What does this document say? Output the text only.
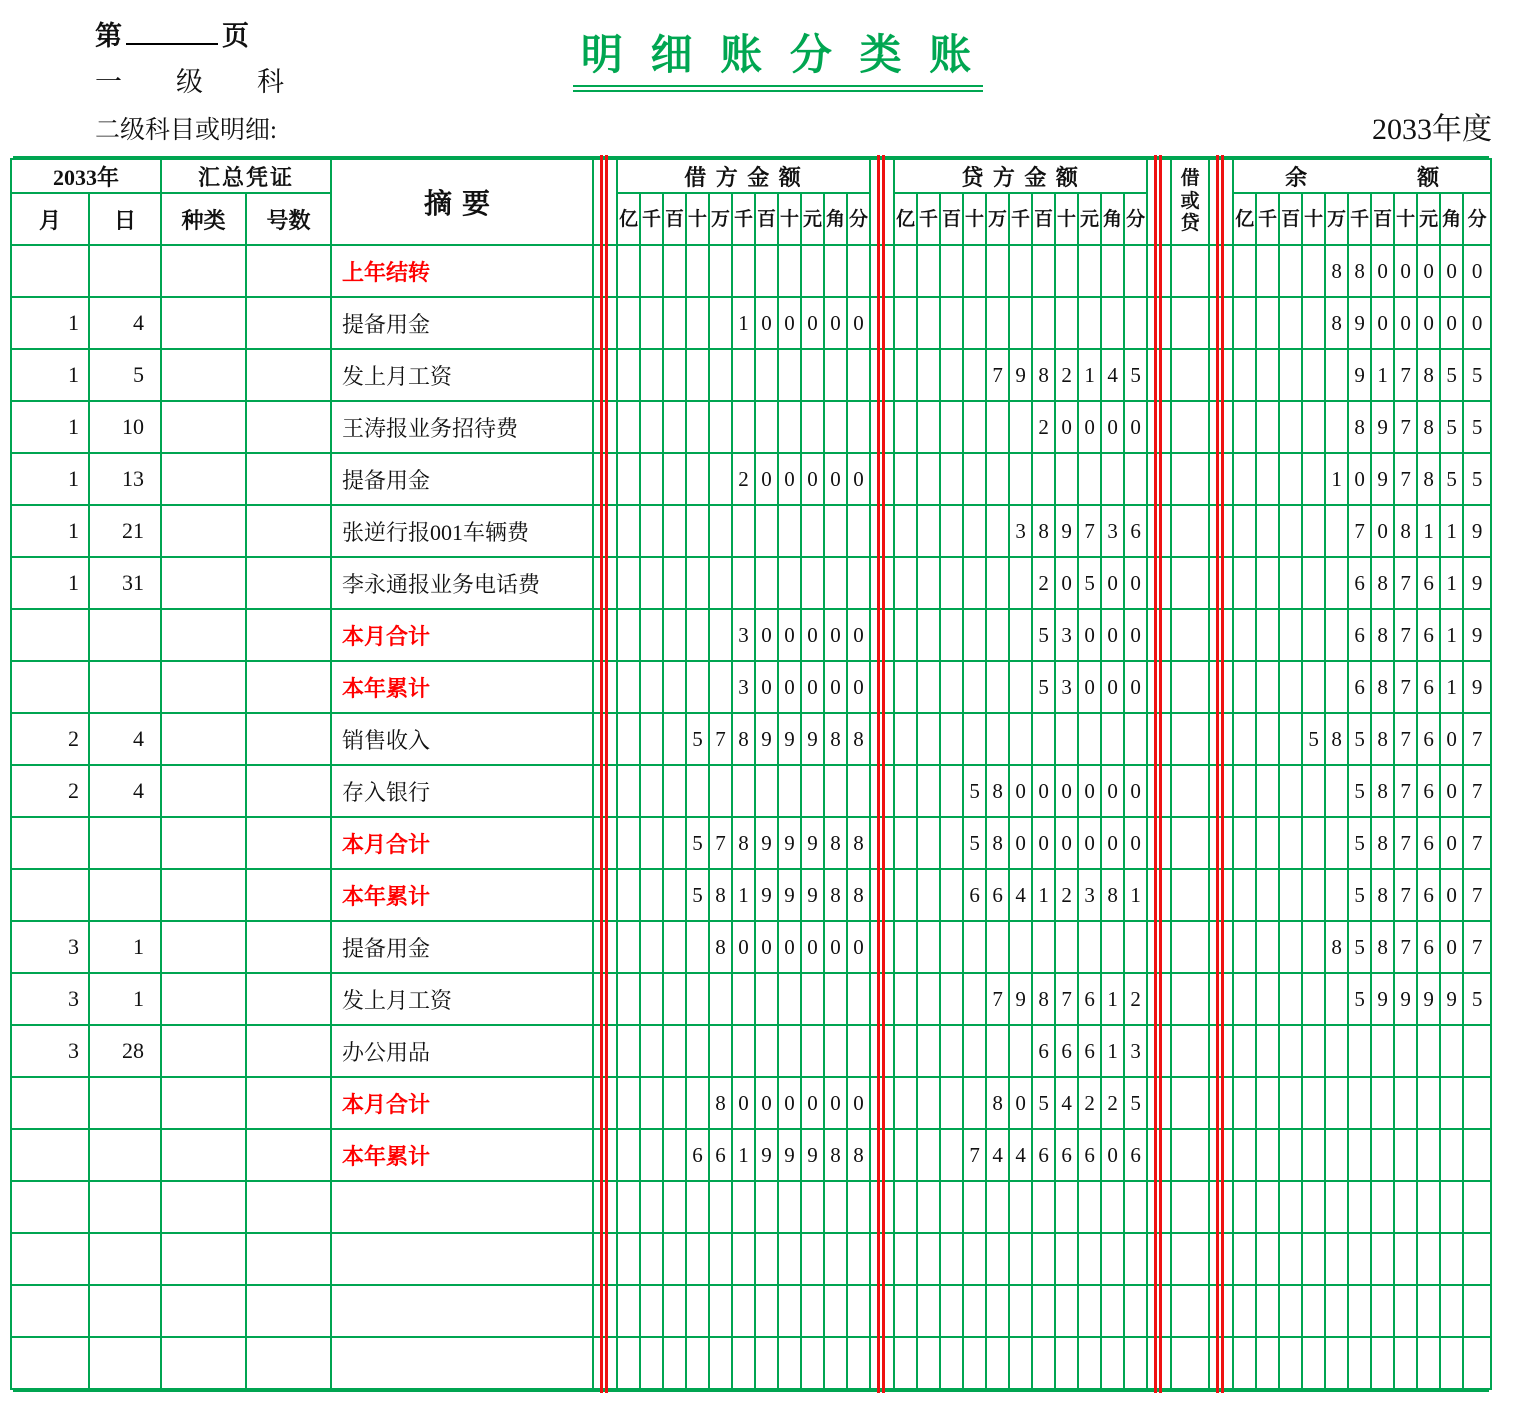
第	页
一　　级　　科
二级科目或明细:
明 细 账 分 类 账
2033年度
2033年		汇总凭证		摘要		借 方 金 额												贷 方 金 额												借或贷		余　　　　　额										
月	日	种类	号数			亿	千	百	十	万	千	百	十	元	角	分		亿	千	百	十	万	千	百	十	元	角	分				亿	千	百	十	万	千	百	十	元	角	分
				上年结转																																8	8	0	0	0	0	0
1	4			提备用金							1	0	0	0	0	0																				8	9	0	0	0	0	0
1	5			发上月工资																		7	9	8	2	1	4	5									9	1	7	8	5	5
1	10			王涛报业务招待费																				2	0	0	0	0									8	9	7	8	5	5
1	13			提备用金							2	0	0	0	0	0																				1	0	9	7	8	5	5
1	21			张逆行报001车辆费																			3	8	9	7	3	6									7	0	8	1	1	9
1	31			李永通报业务电话费																				2	0	5	0	0									6	8	7	6	1	9
				本月合计							3	0	0	0	0	0								5	3	0	0	0									6	8	7	6	1	9
				本年累计							3	0	0	0	0	0								5	3	0	0	0									6	8	7	6	1	9
2	4			销售收入					5	7	8	9	9	9	8	8																			5	8	5	8	7	6	0	7
2	4			存入银行																	5	8	0	0	0	0	0	0									5	8	7	6	0	7
				本月合计					5	7	8	9	9	9	8	8					5	8	0	0	0	0	0	0									5	8	7	6	0	7
				本年累计					5	8	1	9	9	9	8	8					6	6	4	1	2	3	8	1									5	8	7	6	0	7
3	1			提备用金						8	0	0	0	0	0	0																				8	5	8	7	6	0	7
3	1			发上月工资																		7	9	8	7	6	1	2									5	9	9	9	9	5
3	28			办公用品																				6	6	6	1	3														
				本月合计						8	0	0	0	0	0	0						8	0	5	4	2	2	5														
				本年累计					6	6	1	9	9	9	8	8					7	4	4	6	6	6	0	6														
